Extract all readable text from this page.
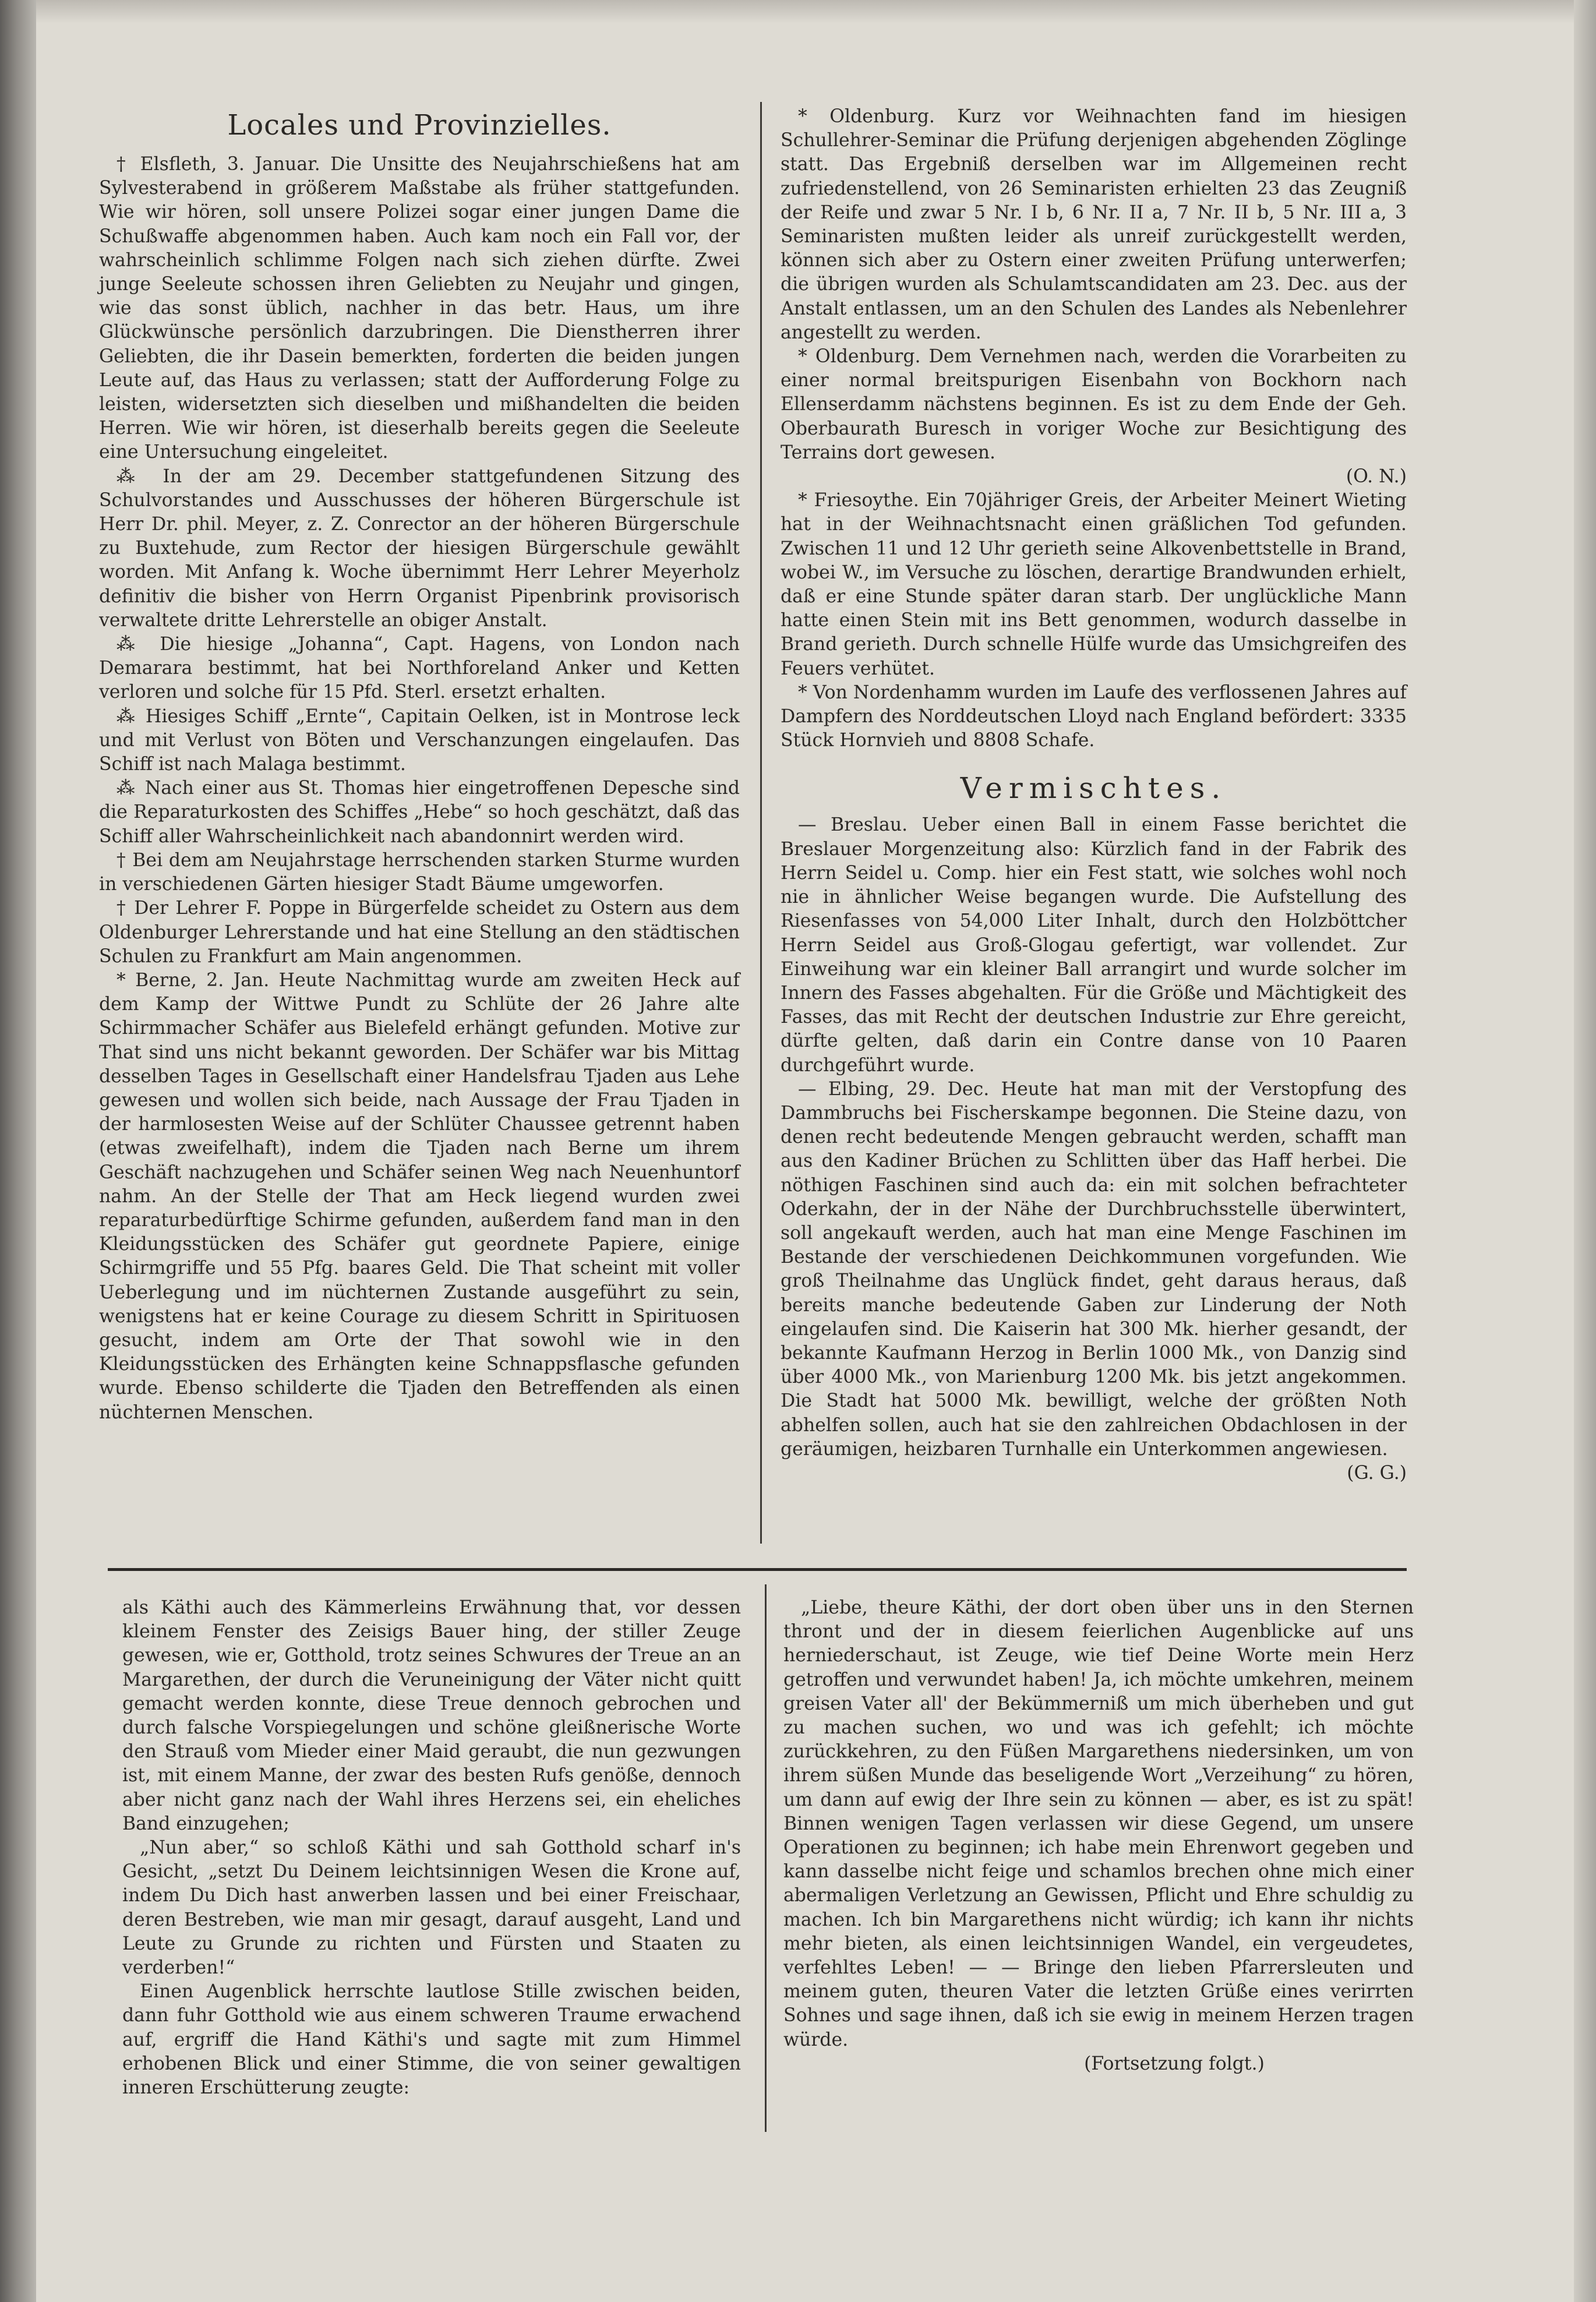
Locales und Provinzielles.

† Elsfleth, 3. Januar. Die Unsitte des Neujahrschießens hat am Sylvesterabend in größerem Maßstabe als früher stattgefunden. Wie wir hören, soll unsere Polizei sogar einer jungen Dame die Schußwaffe abgenommen haben. Auch kam noch ein Fall vor, der wahrscheinlich schlimme Folgen nach sich ziehen dürfte. Zwei junge Seeleute schossen ihren Geliebten zu Neujahr und gingen, wie das sonst üblich, nachher in das betr. Haus, um ihre Glückwünsche persönlich darzubringen. Die Dienstherren ihrer Geliebten, die ihr Dasein bemerkten, forderten die beiden jungen Leute auf, das Haus zu verlassen; statt der Aufforderung Folge zu leisten, widersetzten sich dieselben und mißhandelten die beiden Herren. Wie wir hören, ist dieserhalb bereits gegen die Seeleute eine Untersuchung eingeleitet.

⁂ In der am 29. December stattgefundenen Sitzung des Schulvorstandes und Ausschusses der höheren Bürgerschule ist Herr Dr. phil. Meyer, z. Z. Conrector an der höheren Bürgerschule zu Buxtehude, zum Rector der hiesigen Bürgerschule gewählt worden. Mit Anfang k. Woche übernimmt Herr Lehrer Meyerholz definitiv die bisher von Herrn Organist Pipenbrink provisorisch verwaltete dritte Lehrerstelle an obiger Anstalt.

⁂ Die hiesige „Johanna“, Capt. Hagens, von London nach Demarara bestimmt, hat bei Northforeland Anker und Ketten verloren und solche für 15 Pfd. Sterl. ersetzt erhalten.

⁂ Hiesiges Schiff „Ernte“, Capitain Oelken, ist in Montrose leck und mit Verlust von Böten und Verschanzungen eingelaufen. Das Schiff ist nach Malaga bestimmt.

⁂ Nach einer aus St. Thomas hier eingetroffenen Depesche sind die Reparaturkosten des Schiffes „Hebe“ so hoch geschätzt, daß das Schiff aller Wahrscheinlichkeit nach abandonnirt werden wird.

† Bei dem am Neujahrstage herrschenden starken Sturme wurden in verschiedenen Gärten hiesiger Stadt Bäume umgeworfen.

† Der Lehrer F. Poppe in Bürgerfelde scheidet zu Ostern aus dem Oldenburger Lehrerstande und hat eine Stellung an den städtischen Schulen zu Frankfurt am Main angenommen.

* Berne, 2. Jan. Heute Nachmittag wurde am zweiten Heck auf dem Kamp der Wittwe Pundt zu Schlüte der 26 Jahre alte Schirmmacher Schäfer aus Bielefeld erhängt gefunden. Motive zur That sind uns nicht bekannt geworden. Der Schäfer war bis Mittag desselben Tages in Gesellschaft einer Handelsfrau Tjaden aus Lehe gewesen und wollen sich beide, nach Aussage der Frau Tjaden in der harmlosesten Weise auf der Schlüter Chaussee getrennt haben (etwas zweifelhaft), indem die Tjaden nach Berne um ihrem Geschäft nachzugehen und Schäfer seinen Weg nach Neuenhuntorf nahm. An der Stelle der That am Heck liegend wurden zwei reparaturbedürftige Schirme gefunden, außerdem fand man in den Kleidungsstücken des Schäfer gut geordnete Papiere, einige Schirmgriffe und 55 Pfg. baares Geld. Die That scheint mit voller Ueberlegung und im nüchternen Zustande ausgeführt zu sein, wenigstens hat er keine Courage zu diesem Schritt in Spirituosen gesucht, indem am Orte der That sowohl wie in den Kleidungsstücken des Erhängten keine Schnappsflasche gefunden wurde. Ebenso schilderte die Tjaden den Betreffenden als einen nüchternen Menschen.

* Oldenburg. Kurz vor Weihnachten fand im hiesigen Schullehrer-Seminar die Prüfung derjenigen abgehenden Zöglinge statt. Das Ergebniß derselben war im Allgemeinen recht zufriedenstellend, von 26 Seminaristen erhielten 23 das Zeugniß der Reife und zwar 5 Nr. I b, 6 Nr. II a, 7 Nr. II b, 5 Nr. III a, 3 Seminaristen mußten leider als unreif zurückgestellt werden, können sich aber zu Ostern einer zweiten Prüfung unterwerfen; die übrigen wurden als Schulamtscandidaten am 23. Dec. aus der Anstalt entlassen, um an den Schulen des Landes als Nebenlehrer angestellt zu werden.

* Oldenburg. Dem Vernehmen nach, werden die Vorarbeiten zu einer normal breitspurigen Eisenbahn von Bockhorn nach Ellenserdamm nächstens beginnen. Es ist zu dem Ende der Geh. Oberbaurath Buresch in voriger Woche zur Besichtigung des Terrains dort gewesen.
(O. N.)

* Friesoythe. Ein 70jähriger Greis, der Arbeiter Meinert Wieting hat in der Weihnachtsnacht einen gräßlichen Tod gefunden. Zwischen 11 und 12 Uhr gerieth seine Alkovenbettstelle in Brand, wobei W., im Versuche zu löschen, derartige Brandwunden erhielt, daß er eine Stunde später daran starb. Der unglückliche Mann hatte einen Stein mit ins Bett genommen, wodurch dasselbe in Brand gerieth. Durch schnelle Hülfe wurde das Umsichgreifen des Feuers verhütet.

* Von Nordenhamm wurden im Laufe des verflossenen Jahres auf Dampfern des Norddeutschen Lloyd nach England befördert: 3335 Stück Hornvieh und 8808 Schafe.

Vermischtes.

— Breslau. Ueber einen Ball in einem Fasse berichtet die Breslauer Morgenzeitung also: Kürzlich fand in der Fabrik des Herrn Seidel u. Comp. hier ein Fest statt, wie solches wohl noch nie in ähnlicher Weise begangen wurde. Die Aufstellung des Riesenfasses von 54,000 Liter Inhalt, durch den Holzböttcher Herrn Seidel aus Groß-Glogau gefertigt, war vollendet. Zur Einweihung war ein kleiner Ball arrangirt und wurde solcher im Innern des Fasses abgehalten. Für die Größe und Mächtigkeit des Fasses, das mit Recht der deutschen Industrie zur Ehre gereicht, dürfte gelten, daß darin ein Contre danse von 10 Paaren durchgeführt wurde.

— Elbing, 29. Dec. Heute hat man mit der Verstopfung des Dammbruchs bei Fischerskampe begonnen. Die Steine dazu, von denen recht bedeutende Mengen gebraucht werden, schafft man aus den Kadiner Brüchen zu Schlitten über das Haff herbei. Die nöthigen Faschinen sind auch da: ein mit solchen befrachteter Oderkahn, der in der Nähe der Durchbruchsstelle überwintert, soll angekauft werden, auch hat man eine Menge Faschinen im Bestande der verschiedenen Deichkommunen vorgefunden. Wie groß Theilnahme das Unglück findet, geht daraus heraus, daß bereits manche bedeutende Gaben zur Linderung der Noth eingelaufen sind. Die Kaiserin hat 300 Mk. hierher gesandt, der bekannte Kaufmann Herzog in Berlin 1000 Mk., von Danzig sind über 4000 Mk., von Marienburg 1200 Mk. bis jetzt angekommen. Die Stadt hat 5000 Mk. bewilligt, welche der größten Noth abhelfen sollen, auch hat sie den zahlreichen Obdachlosen in der geräumigen, heizbaren Turnhalle ein Unterkommen angewiesen.
(G. G.)

als Käthi auch des Kämmerleins Erwähnung that, vor dessen kleinem Fenster des Zeisigs Bauer hing, der stiller Zeuge gewesen, wie er, Gotthold, trotz seines Schwures der Treue an an Margarethen, der durch die Veruneinigung der Väter nicht quitt gemacht werden konnte, diese Treue dennoch gebrochen und durch falsche Vorspiegelungen und schöne gleißnerische Worte den Strauß vom Mieder einer Maid geraubt, die nun gezwungen ist, mit einem Manne, der zwar des besten Rufs genöße, dennoch aber nicht ganz nach der Wahl ihres Herzens sei, ein eheliches Band einzugehen;

„Nun aber,“ so schloß Käthi und sah Gotthold scharf in's Gesicht, „setzt Du Deinem leichtsinnigen Wesen die Krone auf, indem Du Dich hast anwerben lassen und bei einer Freischaar, deren Bestreben, wie man mir gesagt, darauf ausgeht, Land und Leute zu Grunde zu richten und Fürsten und Staaten zu verderben!“

Einen Augenblick herrschte lautlose Stille zwischen beiden, dann fuhr Gotthold wie aus einem schweren Traume erwachend auf, ergriff die Hand Käthi's und sagte mit zum Himmel erhobenen Blick und einer Stimme, die von seiner gewaltigen inneren Erschütterung zeugte:

„Liebe, theure Käthi, der dort oben über uns in den Sternen thront und der in diesem feierlichen Augenblicke auf uns herniederschaut, ist Zeuge, wie tief Deine Worte mein Herz getroffen und verwundet haben! Ja, ich möchte umkehren, meinem greisen Vater all' der Bekümmerniß um mich überheben und gut zu machen suchen, wo und was ich gefehlt; ich möchte zurückkehren, zu den Füßen Margarethens niedersinken, um von ihrem süßen Munde das beseligende Wort „Verzeihung“ zu hören, um dann auf ewig der Ihre sein zu können — aber, es ist zu spät! Binnen wenigen Tagen verlassen wir diese Gegend, um unsere Operationen zu beginnen; ich habe mein Ehrenwort gegeben und kann dasselbe nicht feige und schamlos brechen ohne mich einer abermaligen Verletzung an Gewissen, Pflicht und Ehre schuldig zu machen. Ich bin Margarethens nicht würdig; ich kann ihr nichts mehr bieten, als einen leichtsinnigen Wandel, ein vergeudetes, verfehltes Leben! — — Bringe den lieben Pfarrersleuten und meinem guten, theuren Vater die letzten Grüße eines verirrten Sohnes und sage ihnen, daß ich sie ewig in meinem Herzen tragen würde.

(Fortsetzung folgt.)
